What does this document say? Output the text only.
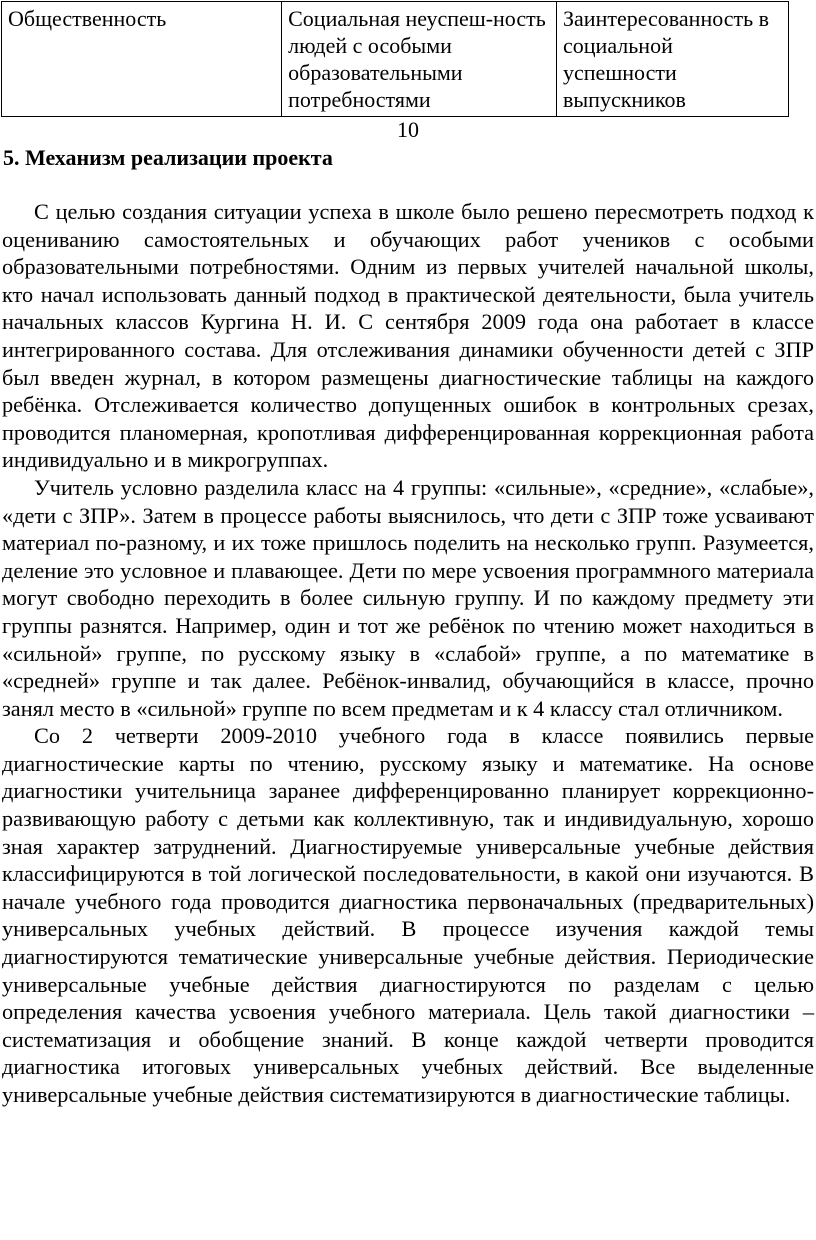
Общественность	Социальная неуспеш-ность людей с особыми образовательными потребностями	Заинтересованность в социальной успешности выпускников
10
5. Механизм реализации проекта

С целью создания ситуации успеха в школе было решено пересмотреть подход к оцениванию самостоятельных и обучающих работ учеников с особыми образовательными потребностями. Одним из первых учителей начальной школы, кто начал использовать данный подход в практической деятельности, была учитель начальных классов Кургина Н. И. С сентября 2009 года она работает в классе интегрированного состава. Для отслеживания динамики обученности детей с ЗПР был введен журнал, в котором размещены диагностические таблицы на каждого ребёнка. Отслеживается количество допущенных ошибок в контрольных срезах, проводится планомерная, кропотливая дифференцированная коррекционная работа индивидуально и в микрогруппах.

Учитель условно разделила класс на 4 группы: «сильные», «средние», «слабые», «дети с ЗПР». Затем в процессе работы выяснилось, что дети с ЗПР тоже усваивают материал по-разному, и их тоже пришлось поделить на несколько групп. Разумеется, деление это условное и плавающее. Дети по мере усвоения программного материала могут свободно переходить в более сильную группу. И по каждому предмету эти группы разнятся. Например, один и тот же ребёнок по чтению может находиться в «сильной» группе, по русскому языку в «слабой» группе, а по математике в «средней» группе и так далее. Ребёнок-инвалид, обучающийся в классе, прочно занял место в «сильной» группе по всем предметам и к 4 классу стал отличником.

Со 2 четверти 2009-2010 учебного года в классе появились первые диагностические карты по чтению, русскому языку и математике. На основе диагностики учительница заранее дифференцированно планирует коррекционно-развивающую работу с детьми как коллективную, так и индивидуальную, хорошо зная характер затруднений. Диагностируемые универсальные учебные действия классифицируются в той логической последовательности, в какой они изучаются. В начале учебного года проводится диагностика первоначальных (предварительных) универсальных учебных действий. В процессе изучения каждой темы диагностируются тематические универсальные учебные действия. Периодические универсальные учебные действия диагностируются по разделам с целью определения качества усвоения учебного материала. Цель такой диагностики – систематизация и обобщение знаний. В конце каждой четверти проводится диагностика итоговых универсальных учебных действий. Все выделенные универсальные учебные действия систематизируются в диагностические таблицы.
